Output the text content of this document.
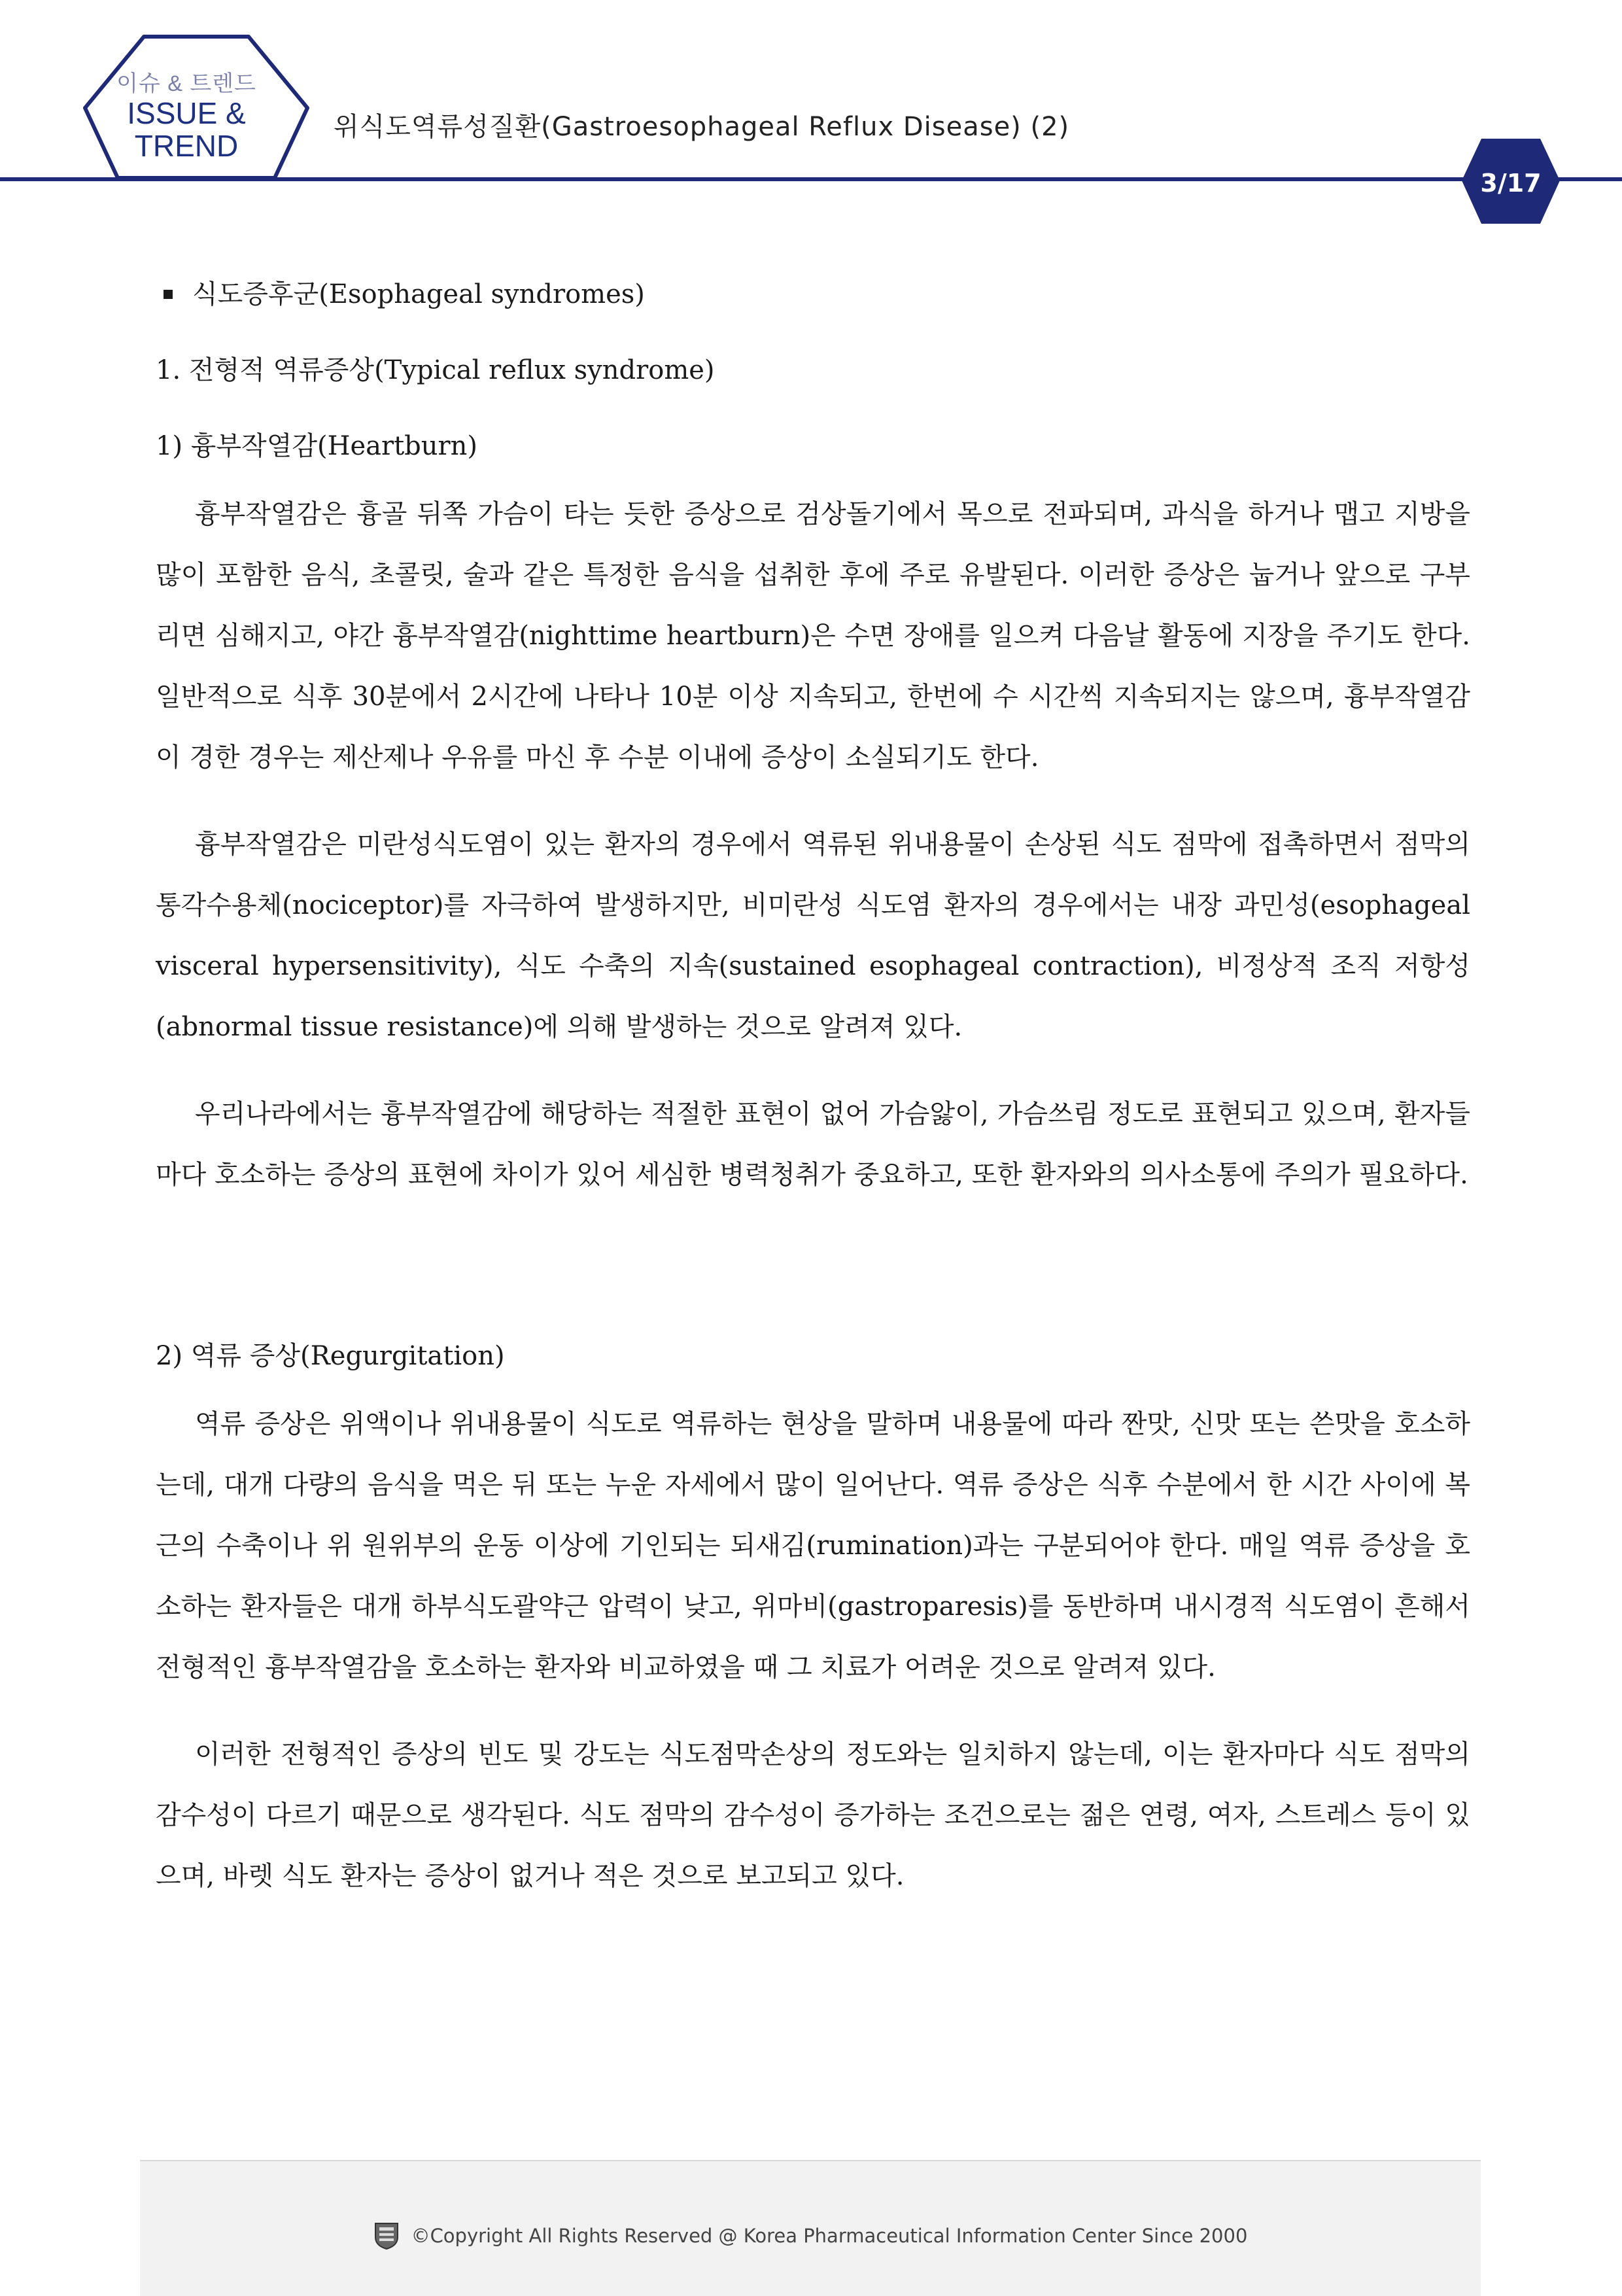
이슈 & 트렌드
ISSUE &
TREND
위식도역류성질환(Gastroesophageal Reflux Disease) (2)
3/17
식도증후군(Esophageal syndromes)
1. 전형적 역류증상(Typical reflux syndrome)
1) 흉부작열감(Heartburn)

흉부작열감은 흉골 뒤쪽 가슴이 타는 듯한 증상으로 검상돌기에서 목으로 전파되며, 과식을 하거나 맵고 지방을 많이 포함한 음식, 초콜릿, 술과 같은 특정한 음식을 섭취한 후에 주로 유발된다. 이러한 증상은 눕거나 앞으로 구부리면 심해지고, 야간 흉부작열감(nighttime heartburn)은 수면 장애를 일으켜 다음날 활동에 지장을 주기도 한다. 일반적으로 식후 30분에서 2시간에 나타나 10분 이상 지속되고, 한번에 수 시간씩 지속되지는 않으며, 흉부작열감이 경한 경우는 제산제나 우유를 마신 후 수분 이내에 증상이 소실되기도 한다.

흉부작열감은 미란성식도염이 있는 환자의 경우에서 역류된 위내용물이 손상된 식도 점막에 접촉하면서 점막의 통각수용체(nociceptor)를 자극하여 발생하지만, 비미란성 식도염 환자의 경우에서는 내장 과민성(esophageal visceral hypersensitivity), 식도 수축의 지속(sustained esophageal contraction), 비정상적 조직 저항성(abnormal tissue resistance)에 의해 발생하는 것으로 알려져 있다.

우리나라에서는 흉부작열감에 해당하는 적절한 표현이 없어 가슴앓이, 가슴쓰림 정도로 표현되고 있으며, 환자들마다 호소하는 증상의 표현에 차이가 있어 세심한 병력청취가 중요하고, 또한 환자와의 의사소통에 주의가 필요하다.

2) 역류 증상(Regurgitation)

역류 증상은 위액이나 위내용물이 식도로 역류하는 현상을 말하며 내용물에 따라 짠맛, 신맛 또는 쓴맛을 호소하는데, 대개 다량의 음식을 먹은 뒤 또는 누운 자세에서 많이 일어난다. 역류 증상은 식후 수분에서 한 시간 사이에 복근의 수축이나 위 원위부의 운동 이상에 기인되는 되새김(rumination)과는 구분되어야 한다. 매일 역류 증상을 호소하는 환자들은 대개 하부식도괄약근 압력이 낮고, 위마비(gastroparesis)를 동반하며 내시경적 식도염이 흔해서 전형적인 흉부작열감을 호소하는 환자와 비교하였을 때 그 치료가 어려운 것으로 알려져 있다.

이러한 전형적인 증상의 빈도 및 강도는 식도점막손상의 정도와는 일치하지 않는데, 이는 환자마다 식도 점막의 감수성이 다르기 때문으로 생각된다. 식도 점막의 감수성이 증가하는 조건으로는 젊은 연령, 여자, 스트레스 등이 있으며, 바렛 식도 환자는 증상이 없거나 적은 것으로 보고되고 있다.

©Copyright All Rights Reserved @ Korea Pharmaceutical Information Center Since 2000
